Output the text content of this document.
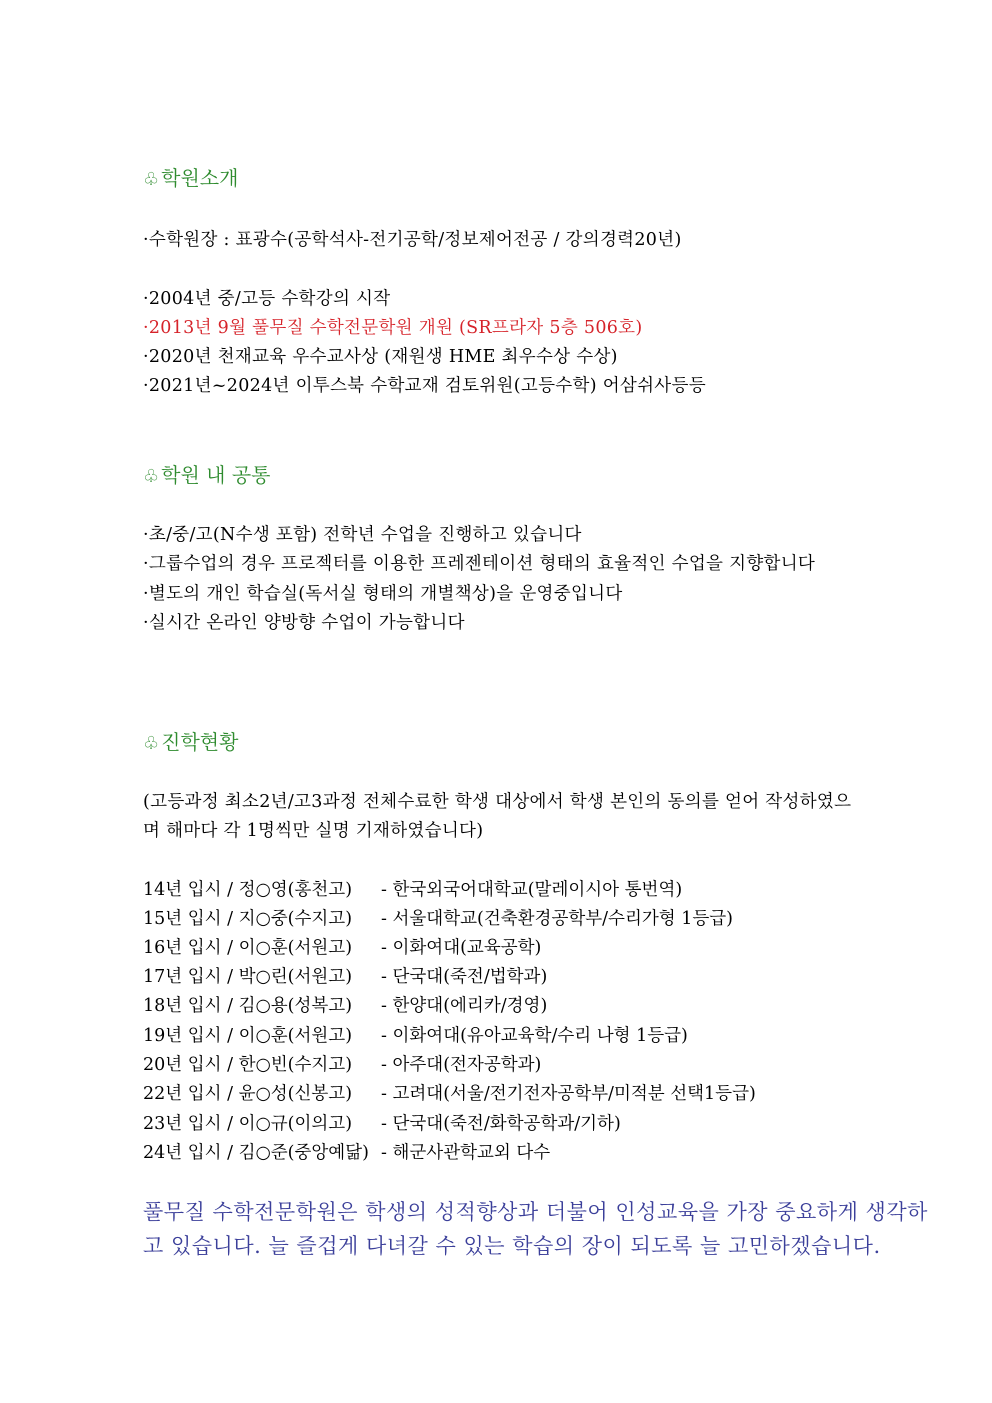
♧ 학원소개
·수학원장 : 표광수(공학석사-전기공학/정보제어전공 / 강의경력20년)
·2004년 중/고등 수학강의 시작
·2013년 9월 풀무질 수학전문학원 개원 (SR프라자 5층 506호)
·2020년 천재교육 우수교사상 (재원생 HME 최우수상 수상)
·2021년~2024년 이투스북 수학교재 검토위원(고등수학) 어삼쉬사등등
♧ 학원 내 공통
·초/중/고(N수생 포함) 전학년 수업을 진행하고 있습니다
·그룹수업의 경우 프로젝터를 이용한 프레젠테이션 형태의 효율적인 수업을 지향합니다
·별도의 개인 학습실(독서실 형태의 개별책상)을 운영중입니다
·실시간 온라인 양방향 수업이 가능합니다
♧ 진학현황
(고등과정 최소2년/고3과정 전체수료한 학생 대상에서 학생 본인의 동의를 얻어 작성하였으
며 해마다 각 1명씩만 실명 기재하였습니다)
14년 입시 / 정○영(홍천고) - 한국외국어대학교(말레이시아 통번역)
15년 입시 / 지○중(수지고) - 서울대학교(건축환경공학부/수리가형 1등급)
16년 입시 / 이○훈(서원고) - 이화여대(교육공학)
17년 입시 / 박○린(서원고) - 단국대(죽전/법학과)
18년 입시 / 김○용(성복고) - 한양대(에리카/경영)
19년 입시 / 이○훈(서원고) - 이화여대(유아교육학/수리 나형 1등급)
20년 입시 / 한○빈(수지고) - 아주대(전자공학과)
22년 입시 / 윤○성(신봉고) - 고려대(서울/전기전자공학부/미적분 선택1등급)
23년 입시 / 이○규(이의고) - 단국대(죽전/화학공학과/기하)
24년 입시 / 김○준(중앙예닮) - 해군사관학교외 다수
풀무질 수학전문학원은 학생의 성적향상과 더불어 인성교육을 가장 중요하게 생각하
고 있습니다. 늘 즐겁게 다녀갈 수 있는 학습의 장이 되도록 늘 고민하겠습니다.
